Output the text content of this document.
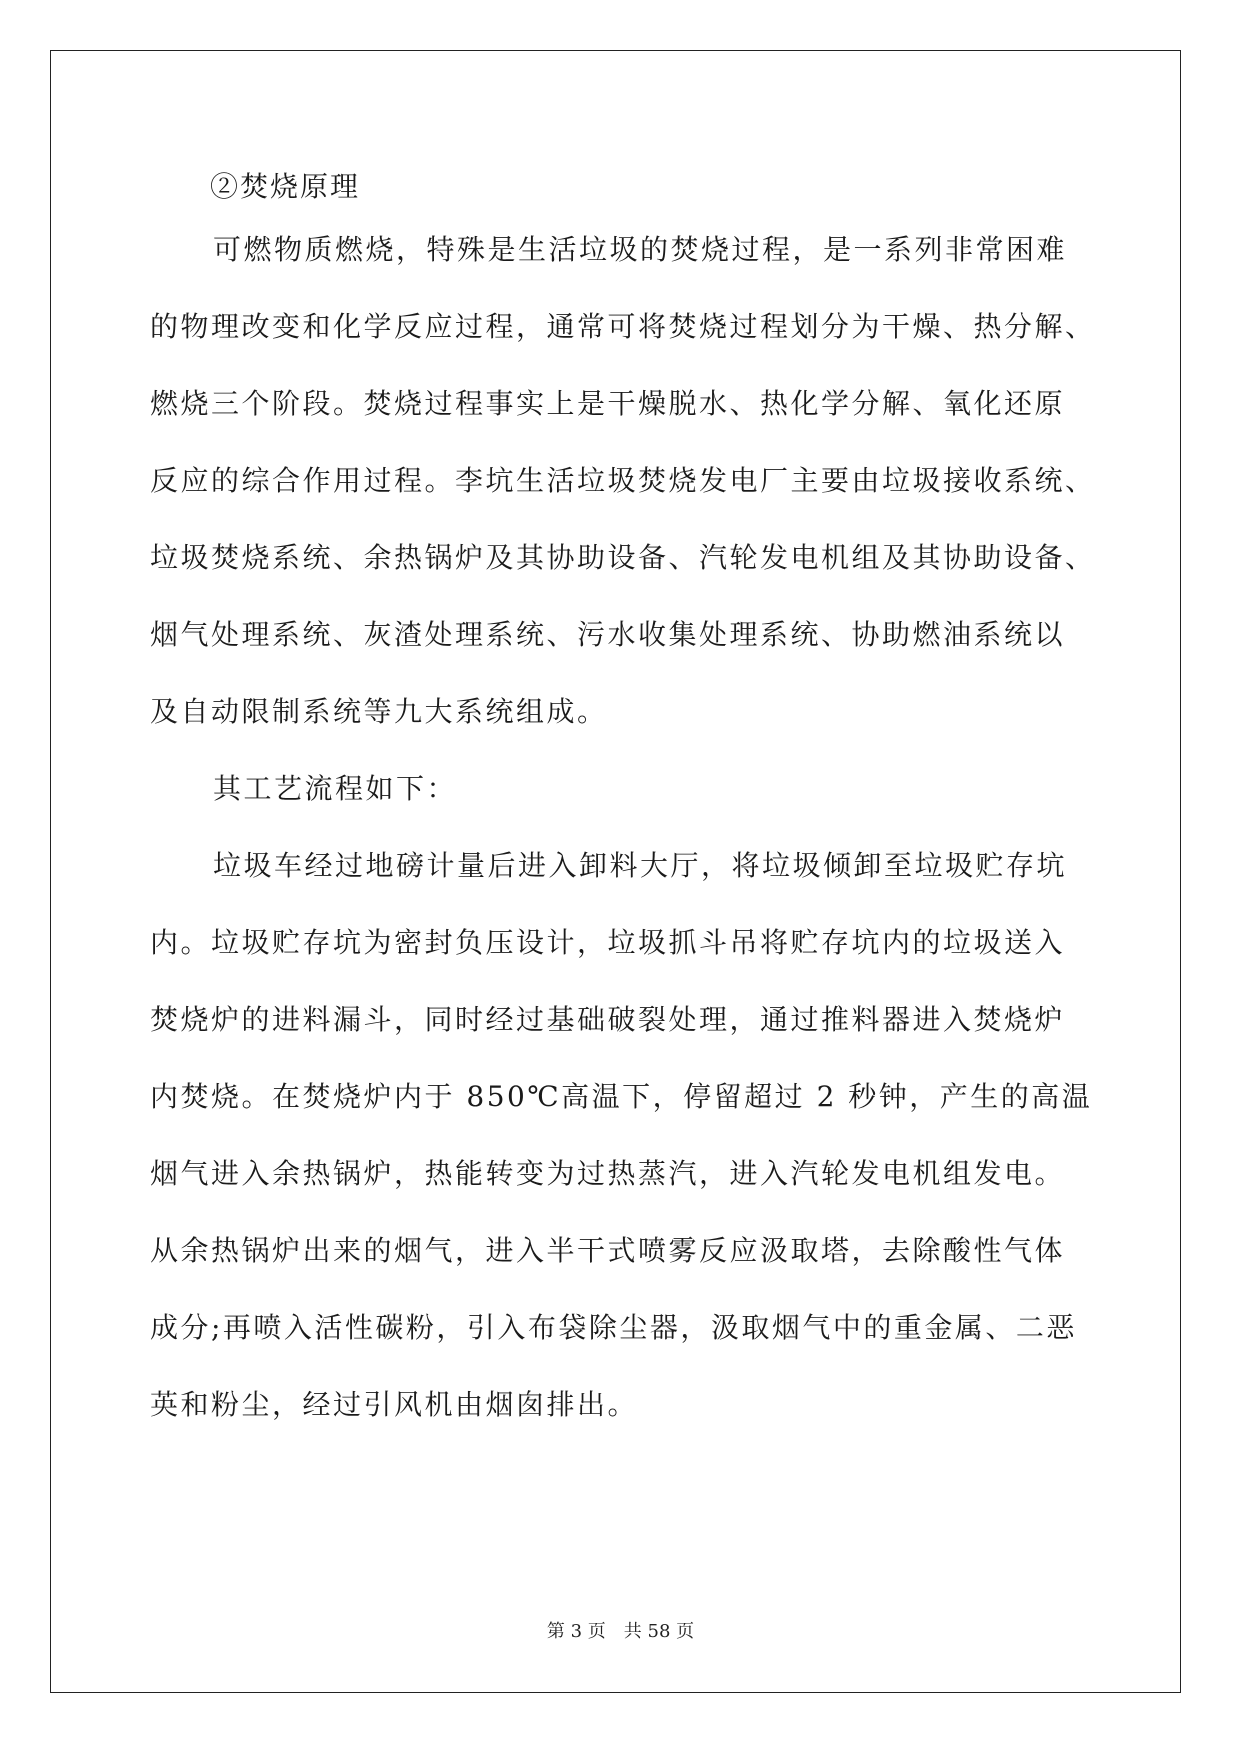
②焚烧原理
可燃物质燃烧，特殊是生活垃圾的焚烧过程，是一系列非常困难
的物理改变和化学反应过程，通常可将焚烧过程划分为干燥、热分解、
燃烧三个阶段。焚烧过程事实上是干燥脱水、热化学分解、氧化还原
反应的综合作用过程。李坑生活垃圾焚烧发电厂主要由垃圾接收系统、
垃圾焚烧系统、余热锅炉及其协助设备、汽轮发电机组及其协助设备、
烟气处理系统、灰渣处理系统、污水收集处理系统、协助燃油系统以
及自动限制系统等九大系统组成。
其工艺流程如下：
垃圾车经过地磅计量后进入卸料大厅，将垃圾倾卸至垃圾贮存坑
内。垃圾贮存坑为密封负压设计，垃圾抓斗吊将贮存坑内的垃圾送入
焚烧炉的进料漏斗，同时经过基础破裂处理，通过推料器进入焚烧炉
内焚烧。在焚烧炉内于 850℃高温下，停留超过 2 秒钟，产生的高温
烟气进入余热锅炉，热能转变为过热蒸汽，进入汽轮发电机组发电。
从余热锅炉出来的烟气，进入半干式喷雾反应汲取塔，去除酸性气体
成分;再喷入活性碳粉，引入布袋除尘器，汲取烟气中的重金属、二恶
英和粉尘，经过引风机由烟囱排出。
第 3 页 共 58 页
